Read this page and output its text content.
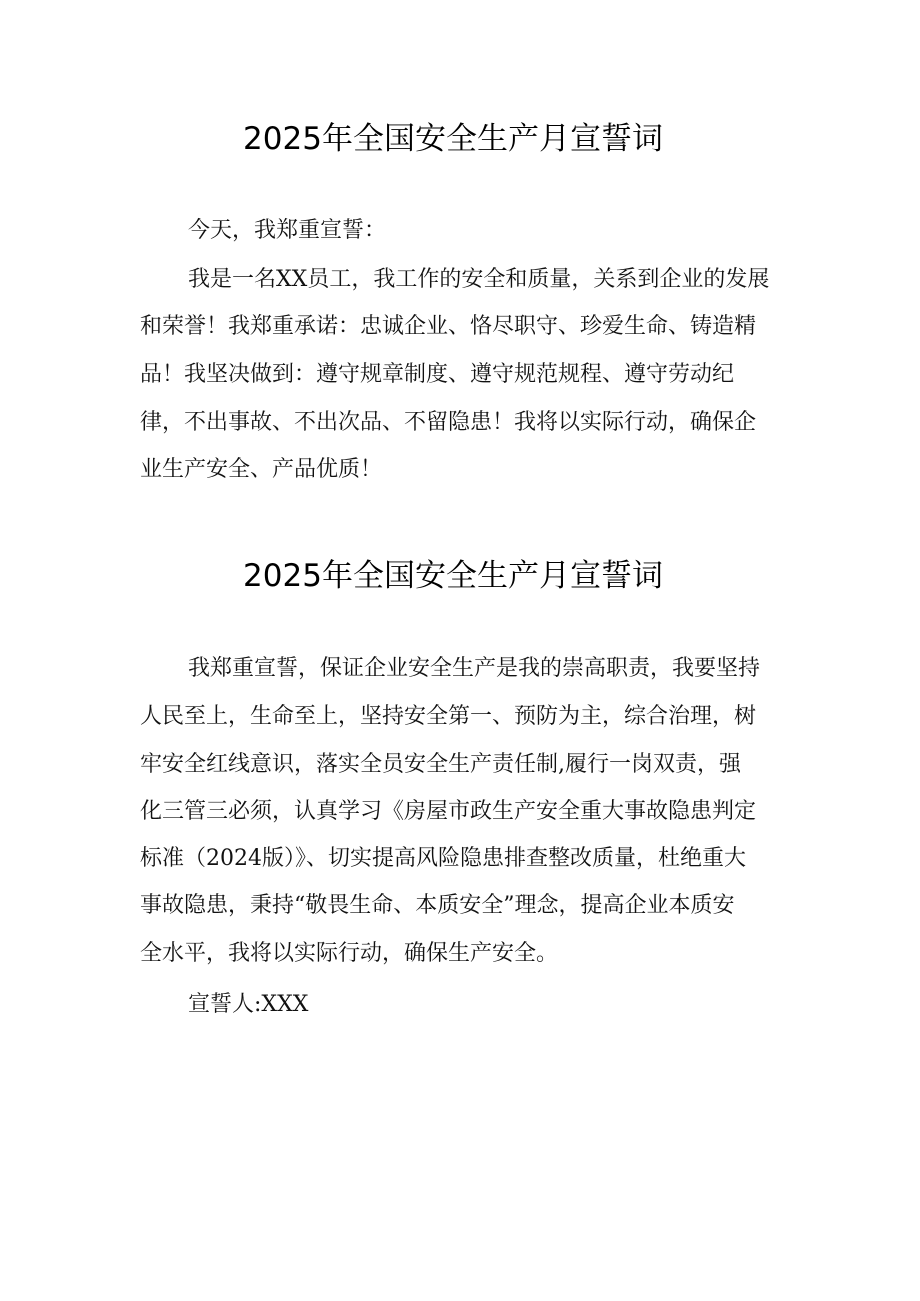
2025年全国安全生产月宣誓词
今天，我郑重宣誓：
我是一名XX员工，我工作的安全和质量，关系到企业的发展
和荣誉！我郑重承诺：忠诚企业、恪尽职守、珍爱生命、铸造精
品！我坚决做到：遵守规章制度、遵守规范规程、遵守劳动纪
律，不出事故、不出次品、不留隐患！我将以实际行动，确保企
业生产安全、产品优质！
2025年全国安全生产月宣誓词
我郑重宣誓，保证企业安全生产是我的崇高职责，我要坚持
人民至上，生命至上，坚持安全第一、预防为主，综合治理，树
牢安全红线意识，落实全员安全生产责任制,履行一岗双责，强
化三管三必须，认真学习《房屋市政生产安全重大事故隐患判定
标准（2024版）》、切实提高风险隐患排查整改质量，杜绝重大
事故隐患，秉持“敬畏生命、本质安全”理念，提高企业本质安
全水平，我将以实际行动，确保生产安全。
宣誓人:XXX
